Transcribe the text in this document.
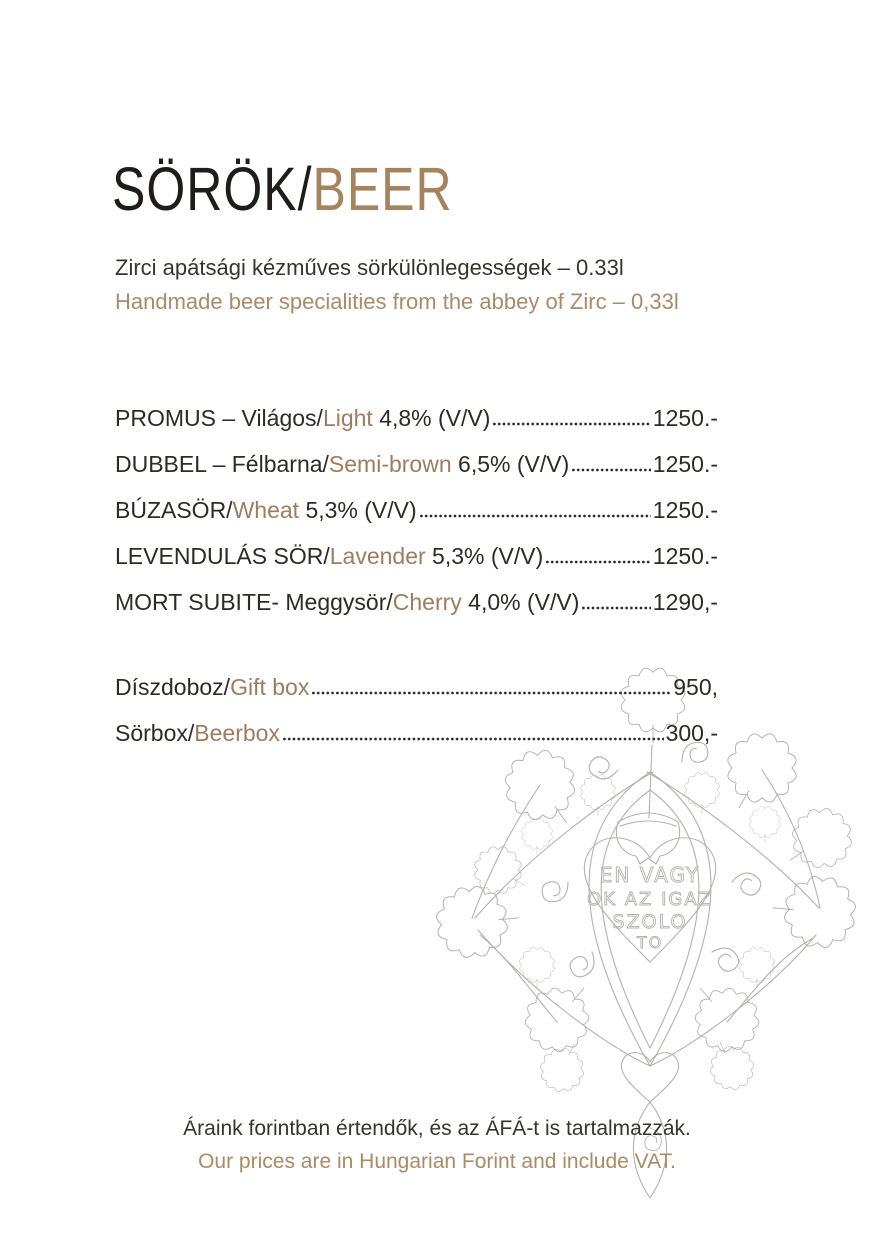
EN VAGY
OK AZ IGAZ
SZOLO
TO
SÖRÖK/BEER
Zirci apátsági kézműves sörkülönlegességek – 0.33l
Handmade beer specialities from the abbey of Zirc – 0,33l
PROMUS – Világos/Light 4,8% (V/V)	1250.-
DUBBEL – Félbarna/Semi-brown 6,5% (V/V)	1250.-
BÚZASÖR/Wheat 5,3% (V/V)	1250.-
LEVENDULÁS SÖR/Lavender 5,3% (V/V)	1250.-
MORT SUBITE- Meggysör/Cherry 4,0% (V/V)	1290,-
Díszdoboz/Gift box	950,
Sörbox/Beerbox	300,-
Áraink forintban értendők, és az ÁFÁ-t is tartalmazzák.
Our prices are in Hungarian Forint and include VAT.
